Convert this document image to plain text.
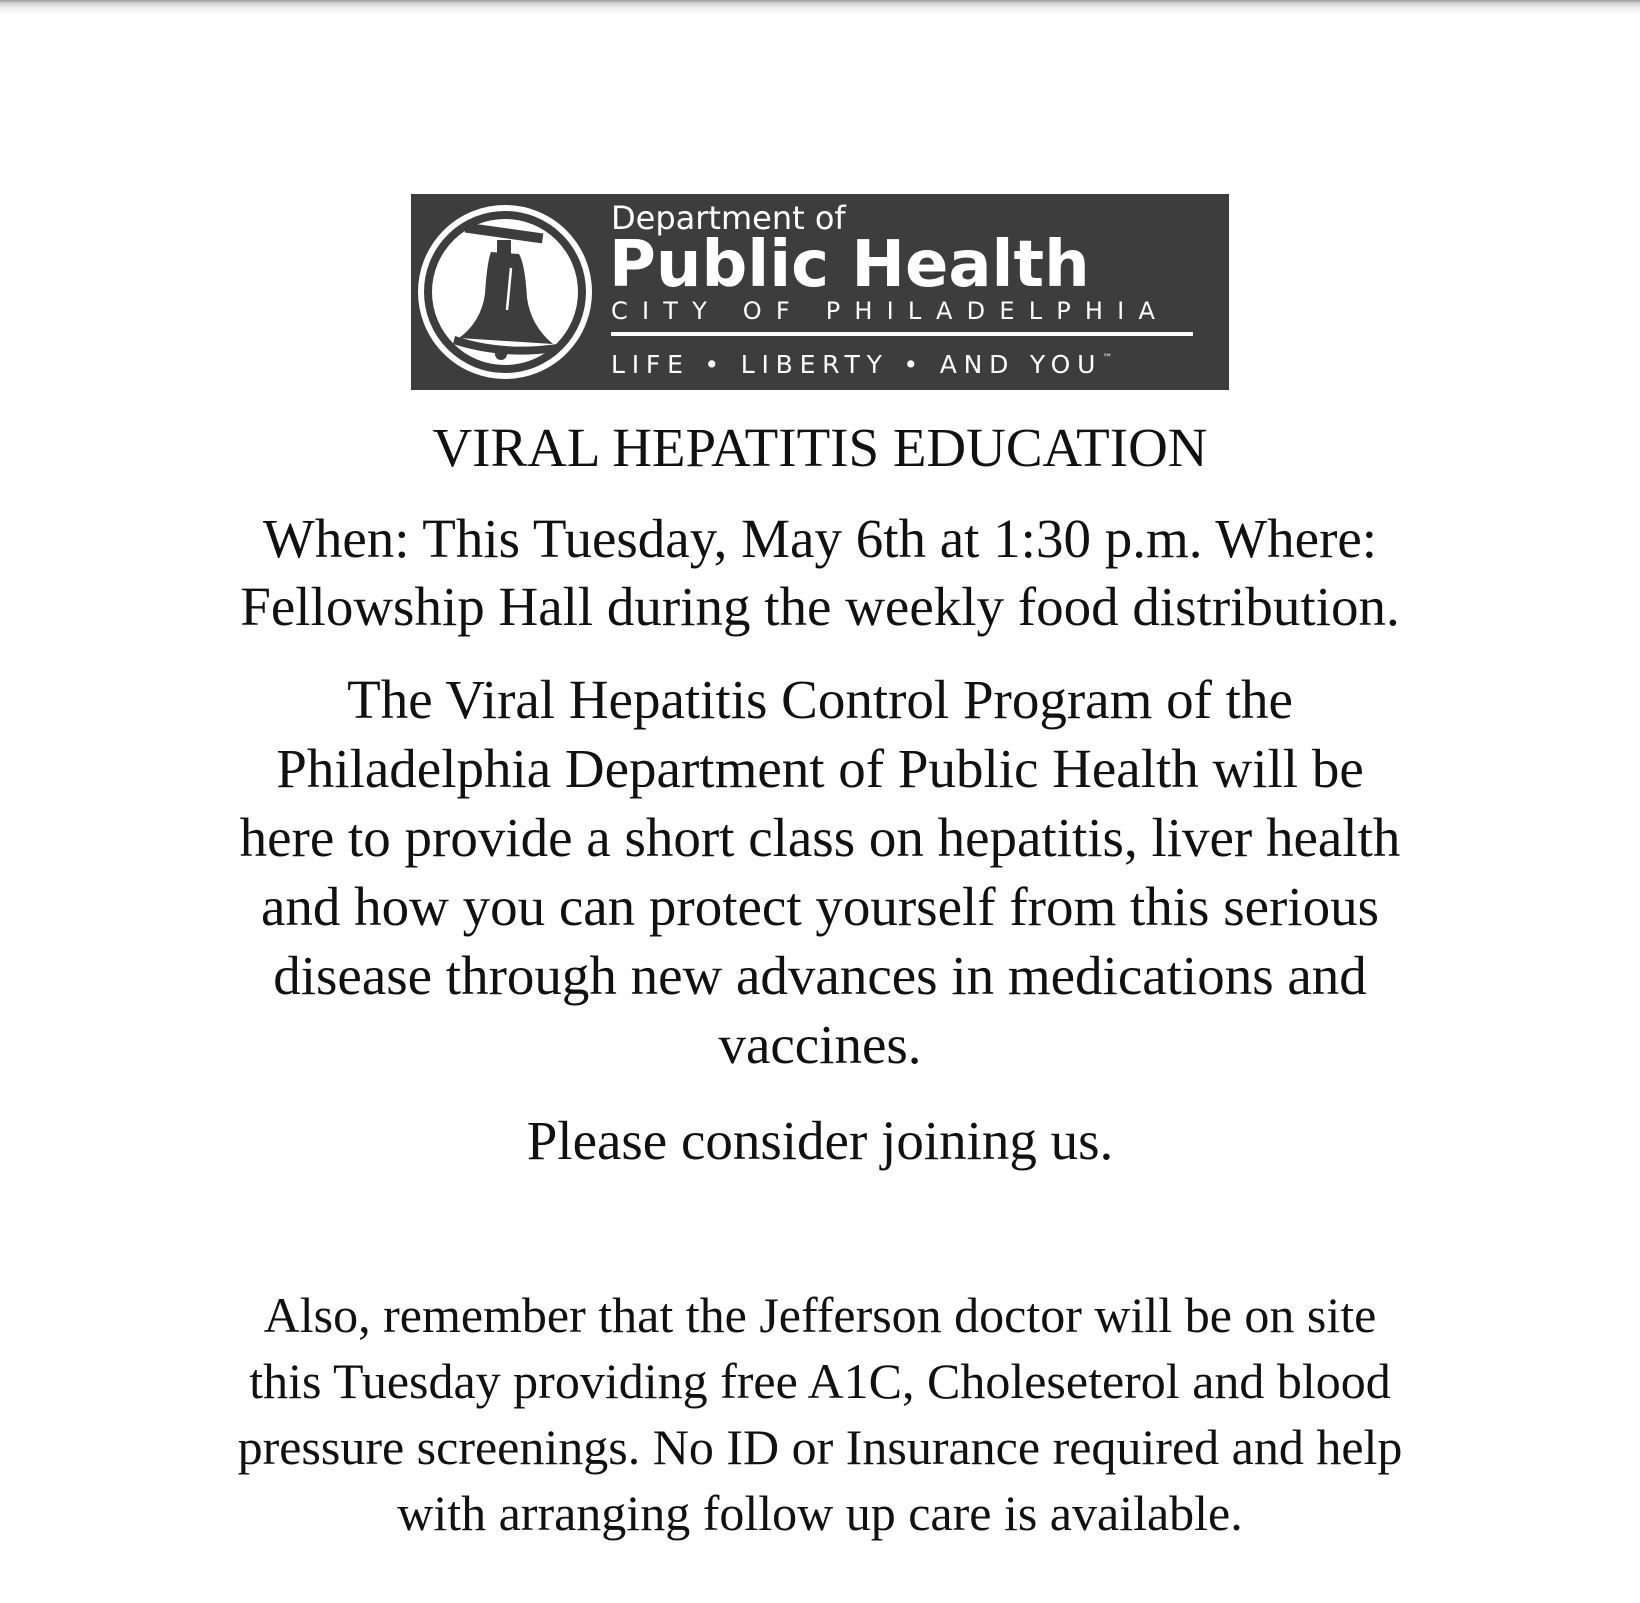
Department of
Public Health
CITY OF PHILADELPHIA
LIFE • LIBERTY • AND YOU™
VIRAL HEPATITIS EDUCATION
When: This Tuesday, May 6th at 1:30 p.m. Where:
Fellowship Hall during the weekly food distribution.
The Viral Hepatitis Control Program of the
Philadelphia Department of Public Health will be
here to provide a short class on hepatitis, liver health
and how you can protect yourself from this serious
disease through new advances in medications and
vaccines.
Please consider joining us.
Also, remember that the Jefferson doctor will be on site
this Tuesday providing free A1C, Choleseterol and blood
pressure screenings. No ID or Insurance required and help
with arranging follow up care is available.
